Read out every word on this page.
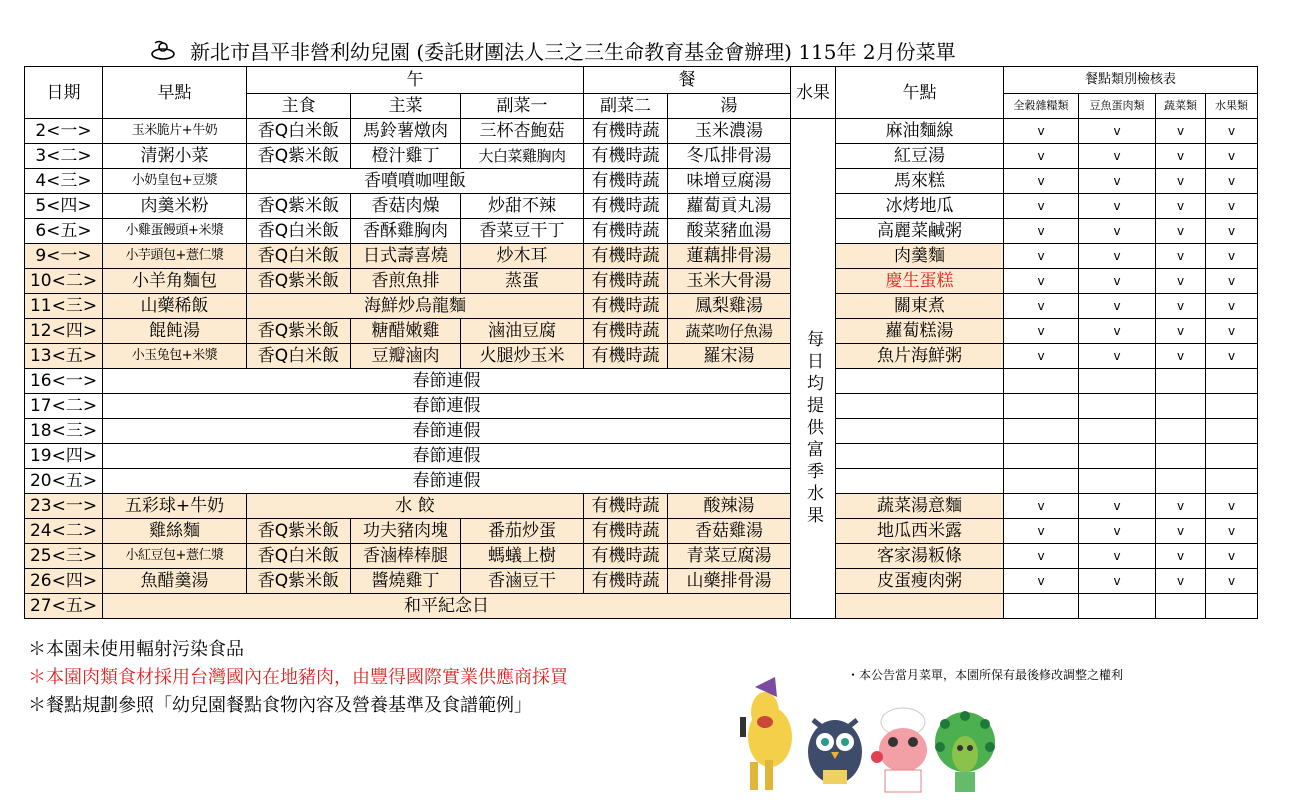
新北市昌平非營利幼兒園 (委託財團法人三之三生命教育基金會辦理) 115年 2月份菜單
日期	早點	午			餐		水果	午點	餐點類別檢核表			
		主食	主菜	副菜一	副菜二	湯			全穀雜糧類	豆魚蛋肉類	蔬菜類	水果類
2<一>	玉米脆片+牛奶	香Q白米飯	馬鈴薯燉肉	三杯杏鮑菇	有機時蔬	玉米濃湯	每日均提供富季水果	麻油麵線	v	v	v	v
3<二>	清粥小菜	香Q紫米飯	橙汁雞丁	大白菜雞胸肉	有機時蔬	冬瓜排骨湯		紅豆湯	v	v	v	v
4<三>	小奶皇包+豆漿	香噴噴咖哩飯			有機時蔬	味增豆腐湯		馬來糕	v	v	v	v
5<四>	肉羹米粉	香Q紫米飯	香菇肉燥	炒甜不辣	有機時蔬	蘿蔔貢丸湯		冰烤地瓜	v	v	v	v
6<五>	小雞蛋饅頭+米漿	香Q白米飯	香酥雞胸肉	香菜豆干丁	有機時蔬	酸菜豬血湯		高麗菜鹹粥	v	v	v	v
9<一>	小芋頭包+薏仁漿	香Q白米飯	日式壽喜燒	炒木耳	有機時蔬	蓮藕排骨湯		肉羹麵	v	v	v	v
10<二>	小羊角麵包	香Q紫米飯	香煎魚排	蒸蛋	有機時蔬	玉米大骨湯		慶生蛋糕	v	v	v	v
11<三>	山藥稀飯	海鮮炒烏龍麵			有機時蔬	鳳梨雞湯		關東煮	v	v	v	v
12<四>	餛飩湯	香Q紫米飯	糖醋嫩雞	滷油豆腐	有機時蔬	蔬菜吻仔魚湯		蘿蔔糕湯	v	v	v	v
13<五>	小玉兔包+米漿	香Q白米飯	豆瓣滷肉	火腿炒玉米	有機時蔬	羅宋湯		魚片海鮮粥	v	v	v	v
16<一>	春節連假											
17<二>	春節連假											
18<三>	春節連假											
19<四>	春節連假											
20<五>	春節連假											
23<一>	五彩球+牛奶	水 餃			有機時蔬	酸辣湯		蔬菜湯意麵	v	v	v	v
24<二>	雞絲麵	香Q紫米飯	功夫豬肉塊	番茄炒蛋	有機時蔬	香菇雞湯		地瓜西米露	v	v	v	v
25<三>	小紅豆包+薏仁漿	香Q白米飯	香滷棒棒腿	螞蟻上樹	有機時蔬	青菜豆腐湯		客家湯粄條	v	v	v	v
26<四>	魚醋羹湯	香Q紫米飯	醬燒雞丁	香滷豆干	有機時蔬	山藥排骨湯		皮蛋瘦肉粥	v	v	v	v
27<五>	和平紀念日											
＊本園未使用輻射污染食品
＊本園肉類食材採用台灣國內在地豬肉，由豐得國際實業供應商採買
＊餐點規劃參照「幼兒園餐點食物內容及營養基準及食譜範例」
・本公告當月菜單，本園所保有最後修改調整之權利
